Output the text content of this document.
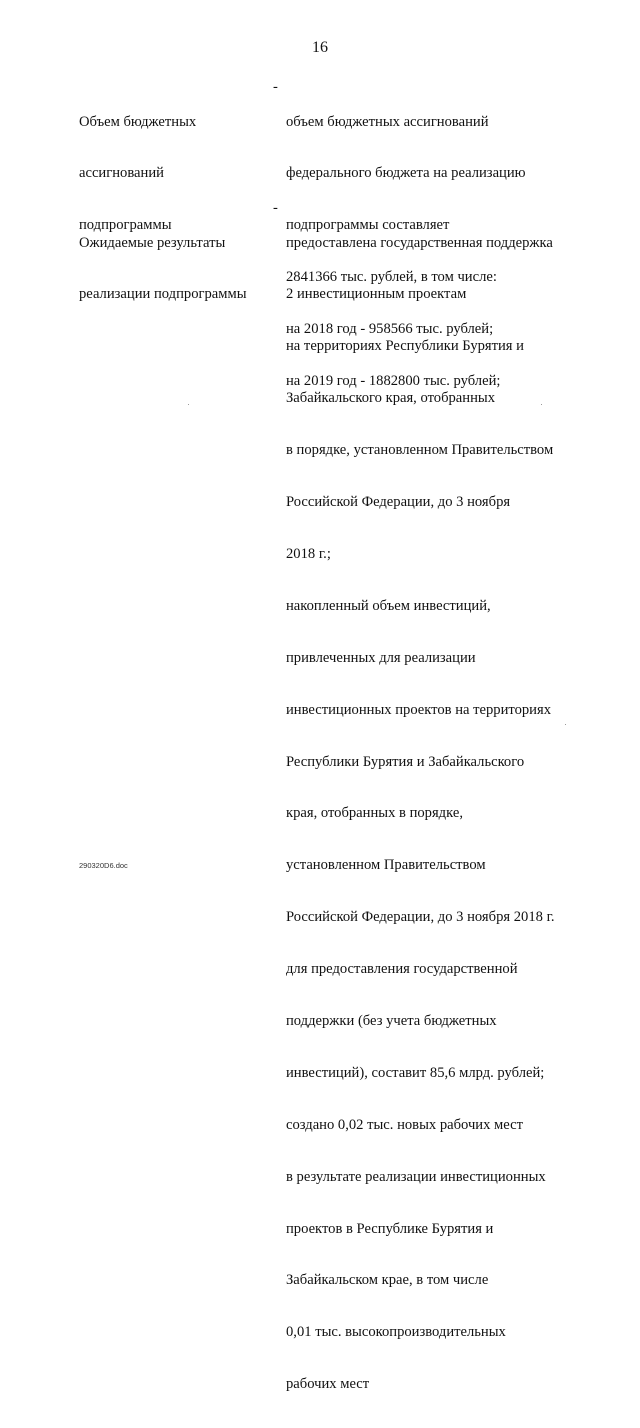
16

Объем бюджетных

ассигнований

подпрограммы

-

объем бюджетных ассигнований

федерального бюджета на реализацию

подпрограммы составляет

2841366 тыс. рублей, в том числе:

на 2018 год - 958566 тыс. рублей;

на 2019 год - 1882800 тыс. рублей;

Ожидаемые результаты

реализации подпрограммы

-

предоставлена государственная поддержка

2 инвестиционным проектам

на территориях Республики Бурятия и

Забайкальского края, отобранных

в порядке, установленном Правительством

Российской Федерации, до 3 ноября

2018 г.;

накопленный объем инвестиций,

привлеченных для реализации

инвестиционных проектов на территориях

Республики Бурятия и Забайкальского

края, отобранных в порядке,

установленном Правительством

Российской Федерации, до 3 ноября 2018 г.

для предоставления государственной

поддержки (без учета бюджетных

инвестиций), составит 85,6 млрд. рублей;

создано 0,02 тыс. новых рабочих мест

в результате реализации инвестиционных

проектов в Республике Бурятия и

Забайкальском крае, в том числе

0,01 тыс. высокопроизводительных

рабочих мест

290320D6.doc
